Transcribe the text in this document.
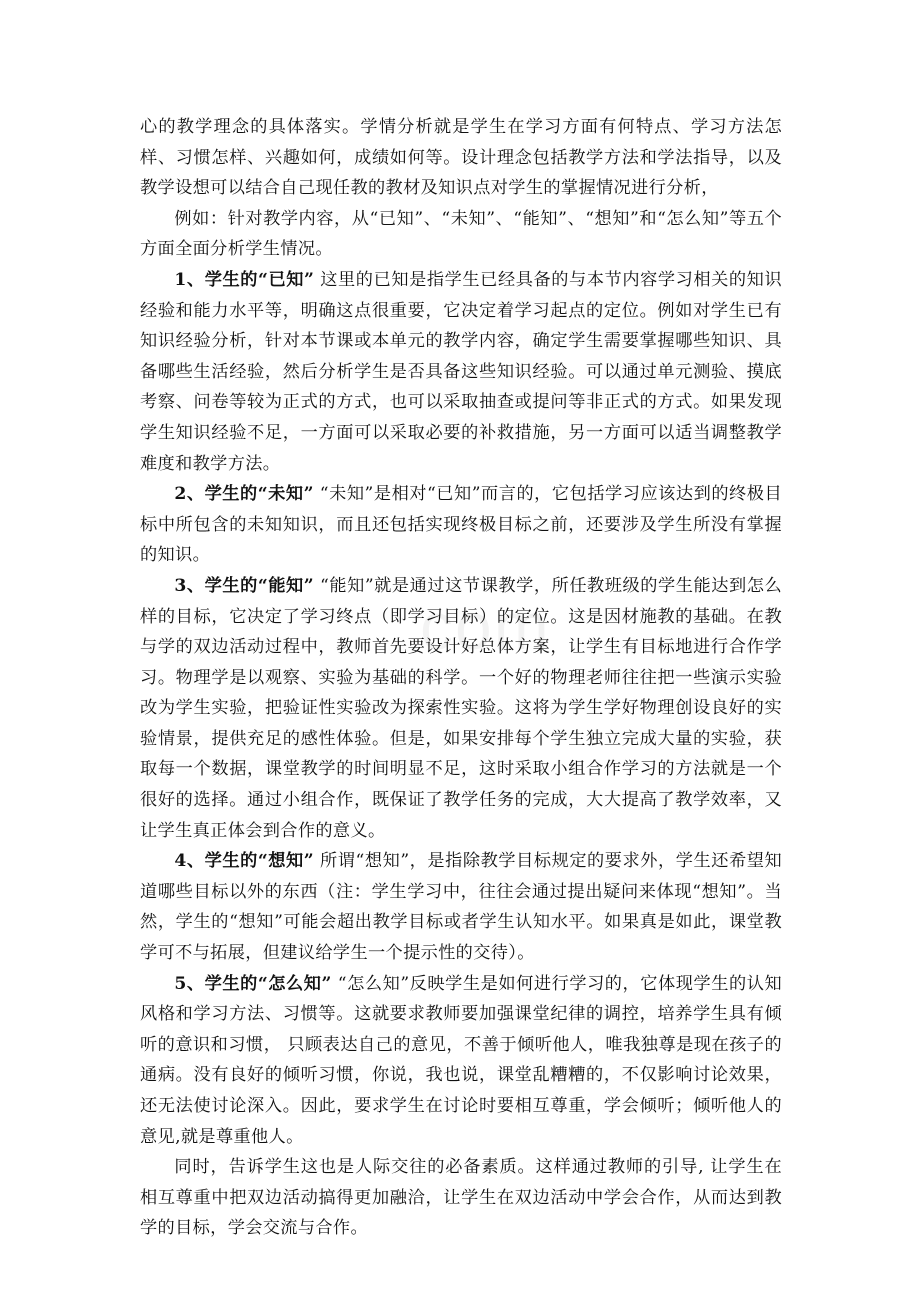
心的教学理念的具体落实。学情分析就是学生在学习方面有何特点、学习方法怎样、习惯怎样、兴趣如何，成绩如何等。设计理念包括教学方法和学法指导，以及教学设想可以结合自己现任教的教材及知识点对学生的掌握情况进行分析，

例如：针对教学内容，从“已知”、“未知”、“能知”、“想知”和“怎么知”等五个方面全面分析学生情况。

1、学生的“已知” 这里的已知是指学生已经具备的与本节内容学习相关的知识经验和能力水平等，明确这点很重要，它决定着学习起点的定位。例如对学生已有知识经验分析，针对本节课或本单元的教学内容，确定学生需要掌握哪些知识、具备哪些生活经验，然后分析学生是否具备这些知识经验。可以通过单元测验、摸底考察、问卷等较为正式的方式，也可以采取抽查或提问等非正式的方式。如果发现学生知识经验不足，一方面可以采取必要的补救措施，另一方面可以适当调整教学难度和教学方法。

2、学生的“未知” “未知”是相对“已知”而言的，它包括学习应该达到的终极目标中所包含的未知知识，而且还包括实现终极目标之前，还要涉及学生所没有掌握的知识。

3、学生的“能知” “能知”就是通过这节课教学，所任教班级的学生能达到怎么样的目标，它决定了学习终点（即学习目标）的定位。这是因材施教的基础。在教与学的双边活动过程中，教师首先要设计好总体方案，让学生有目标地进行合作学习。物理学是以观察、实验为基础的科学。一个好的物理老师往往把一些演示实验改为学生实验，把验证性实验改为探索性实验。这将为学生学好物理创设良好的实验情景，提供充足的感性体验。但是，如果安排每个学生独立完成大量的实验，获取每一个数据，课堂教学的时间明显不足，这时采取小组合作学习的方法就是一个很好的选择。通过小组合作，既保证了教学任务的完成，大大提高了教学效率，又让学生真正体会到合作的意义。

4、学生的“想知” 所谓“想知”，是指除教学目标规定的要求外，学生还希望知道哪些目标以外的东西（注：学生学习中，往往会通过提出疑问来体现“想知”。当然，学生的“想知”可能会超出教学目标或者学生认知水平。如果真是如此，课堂教学可不与拓展，但建议给学生一个提示性的交待）。

5、学生的“怎么知” “怎么知”反映学生是如何进行学习的，它体现学生的认知风格和学习方法、习惯等。这就要求教师要加强课堂纪律的调控，培养学生具有倾听的意识和习惯， 只顾表达自己的意见，不善于倾听他人，唯我独尊是现在孩子的通病。没有良好的倾听习惯，你说，我也说，课堂乱糟糟的，不仅影响讨论效果，还无法使讨论深入。因此，要求学生在讨论时要相互尊重，学会倾听；倾听他人的意见,就是尊重他人。

同时，告诉学生这也是人际交往的必备素质。这样通过教师的引导, 让学生在相互尊重中把双边活动搞得更加融洽，让学生在双边活动中学会合作，从而达到教学的目标，学会交流与合作。
